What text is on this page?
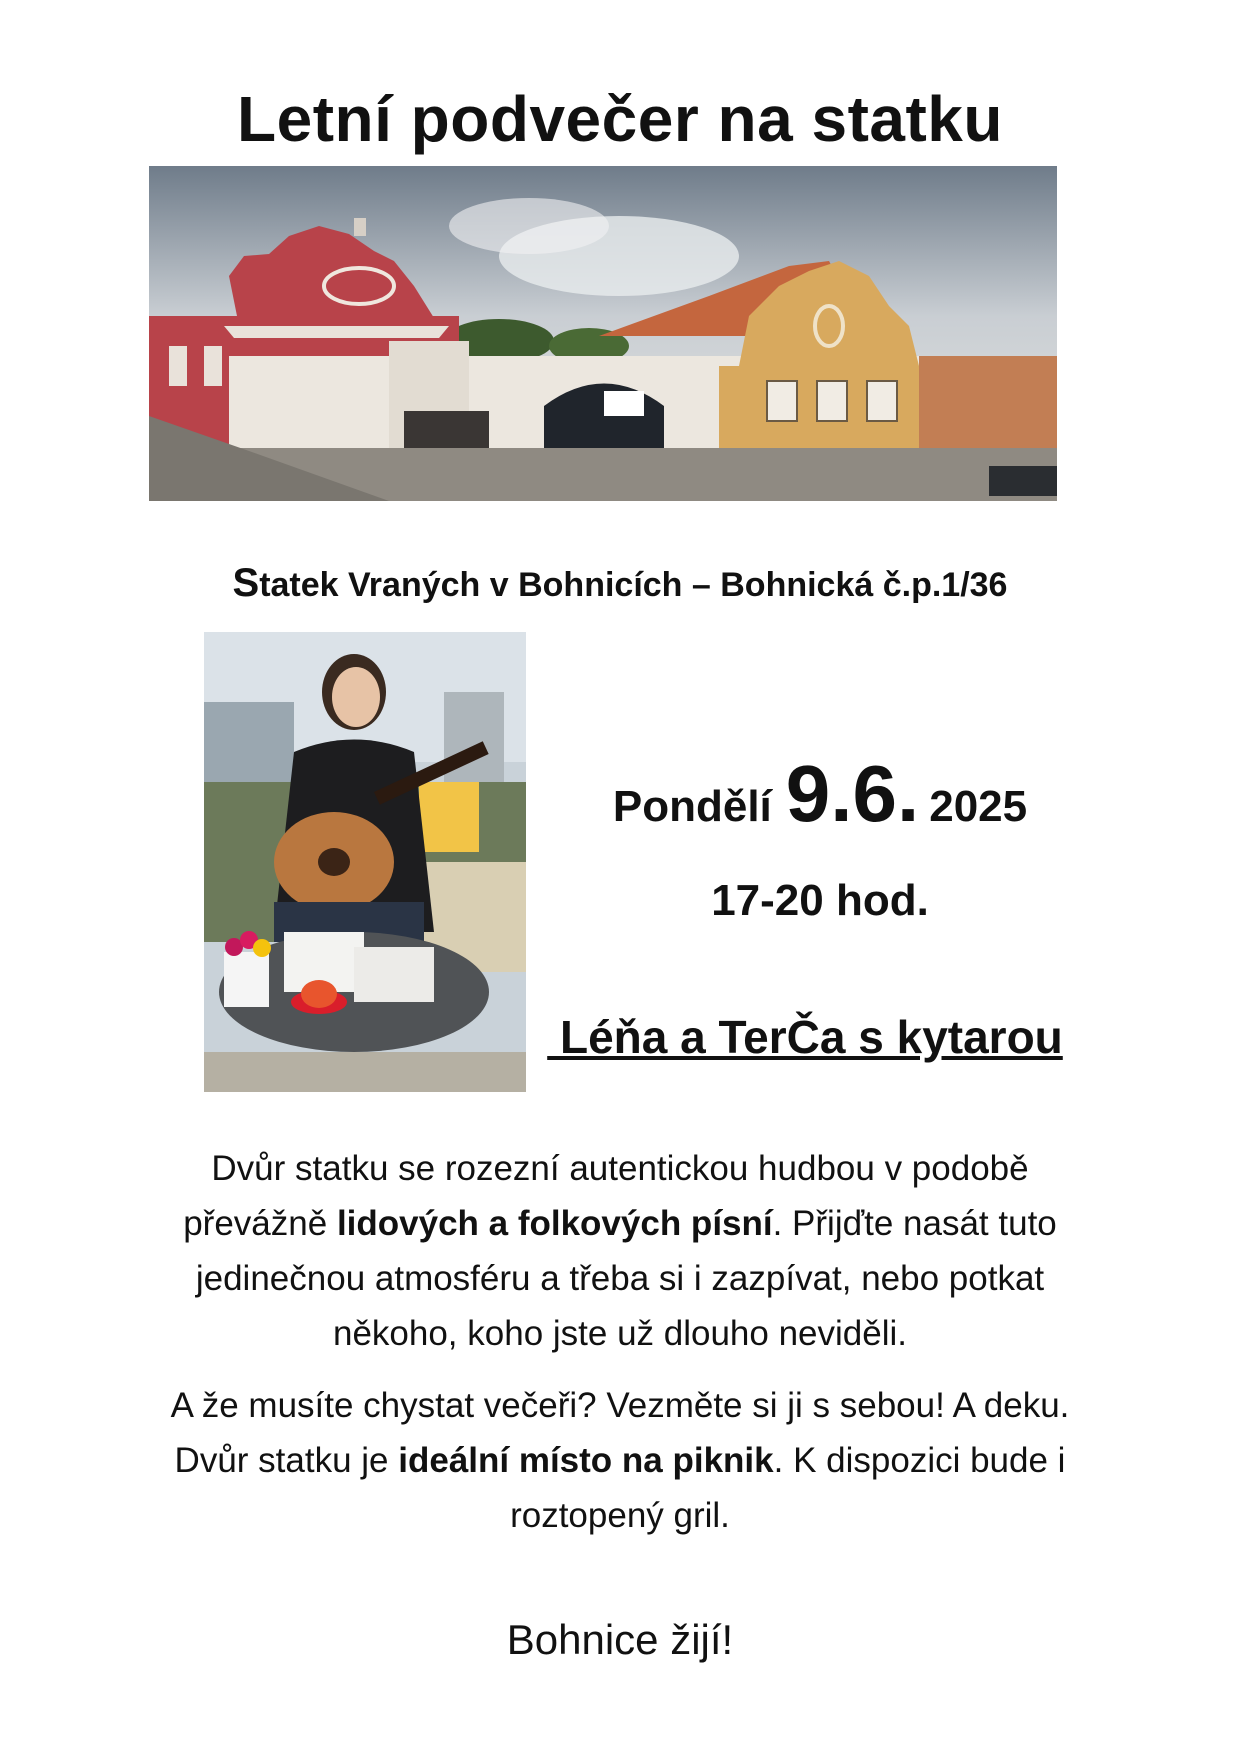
Letní podvečer na statku
Statek Vraných v Bohnicích – Bohnická č.p.1/36
Pondělí 9.6. 2025
17-20 hod.
Léňa a TerČa s kytarou

Dvůr statku se rozezní autentickou hudbou v podobě převážně lidových a folkových písní. Přijďte nasát tuto jedinečnou atmosféru a třeba si i zazpívat, nebo potkat někoho, koho jste už dlouho neviděli.

A že musíte chystat večeři? Vezměte si ji s sebou! A deku. Dvůr statku je ideální místo na piknik. K dispozici bude i roztopený gril.

Bohnice žijí!
